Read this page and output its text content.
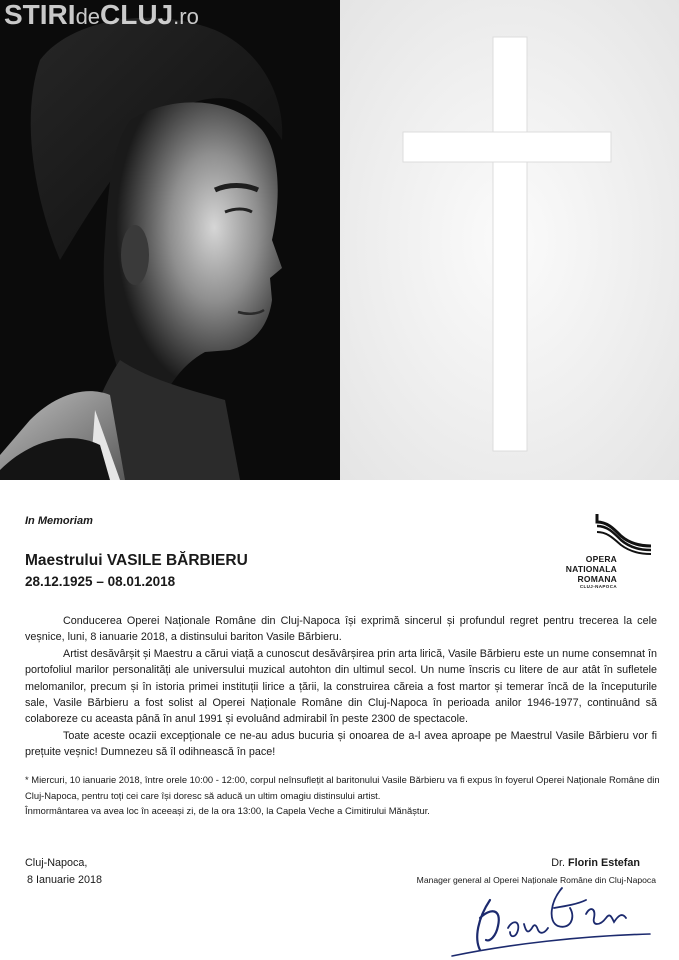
STIRIdeCLUJ.ro
In Memoriam
Maestrului VASILE BĂRBIERU
28.12.1925 – 08.01.2018
OPERA
NATIONALA
ROMANA
CLUJ-NAPOCA

Conducerea Operei Naționale Române din Cluj-Napoca își exprimă sincerul și profundul regret pentru trecerea la cele veșnice, luni, 8 ianuarie 2018, a distinsului bariton Vasile Bărbieru.

Artist desăvârșit și Maestru a cărui viață a cunoscut desăvârșirea prin arta lirică, Vasile Bărbieru este un nume consemnat în portofoliul marilor personalități ale universului muzical autohton din ultimul secol. Un nume înscris cu litere de aur atât în sufletele melomanilor, precum și în istoria primei instituții lirice a țării, la construirea căreia a fost martor și temerar încă de la începuturile sale, Vasile Bărbieru a fost solist al Operei Naționale Române din Cluj-Napoca în perioada anilor 1946-1977, continuând să colaboreze cu aceasta până în anul 1991 și evoluând admirabil în peste 2300 de spectacole.

Toate aceste ocazii excepționale ce ne-au adus bucuria și onoarea de a-l avea aproape pe Maestrul Vasile Bărbieru vor fi prețuite veșnic! Dumnezeu să îl odihnească în pace!

* Miercuri, 10 ianuarie 2018, între orele 10:00 - 12:00, corpul neînsuflețit al baritonului Vasile Bărbieru va fi expus în foyerul Operei Naționale Române din Cluj-Napoca, pentru toți cei care își doresc să aducă un ultim omagiu distinsului artist.
Înmormântarea va avea loc în aceeași zi, de la ora 13:00, la Capela Veche a Cimitirului Mănăștur.
Cluj-Napoca,
8 Ianuarie 2018
Dr. Florin Estefan
Manager general al Operei Naționale Române din Cluj-Napoca
